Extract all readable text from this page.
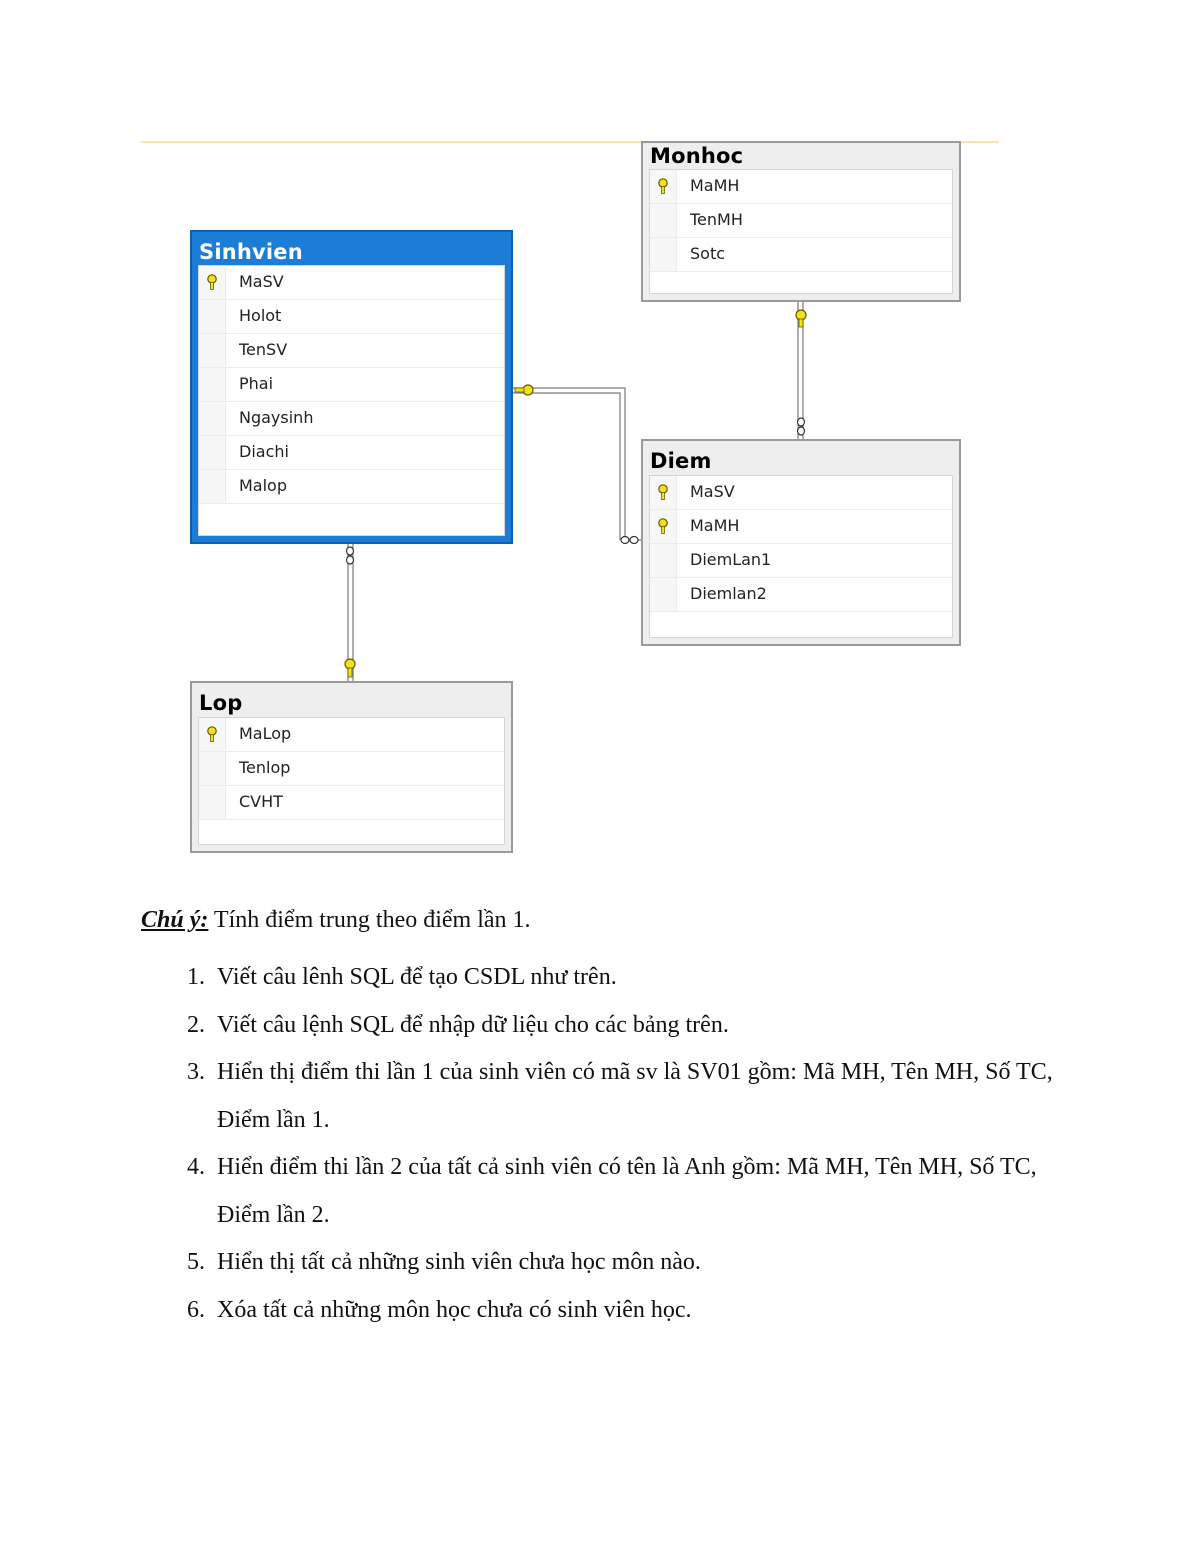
Monhoc
MaMH
TenMH
Sotc
Sinhvien
MaSV
Holot
TenSV
Phai
Ngaysinh
Diachi
Malop
Diem
MaSV
MaMH
DiemLan1
Diemlan2
Lop
MaLop
Tenlop
CVHT

Chú ý: Tính điểm trung theo điểm lần 1.

1. Viết câu lênh SQL để tạo CSDL như trên.
2. Viết câu lệnh SQL để nhập dữ liệu cho các bảng trên.
3. Hiển thị điểm thi lần 1 của sinh viên có mã sv là SV01 gồm: Mã MH, Tên MH, Số TC, Điểm lần 1.
4. Hiển điểm thi lần 2 của tất cả sinh viên có tên là Anh gồm: Mã MH, Tên MH, Số TC, Điểm lần 2.
5. Hiển thị tất cả những sinh viên chưa học môn nào.
6. Xóa tất cả những môn học chưa có sinh viên học.
